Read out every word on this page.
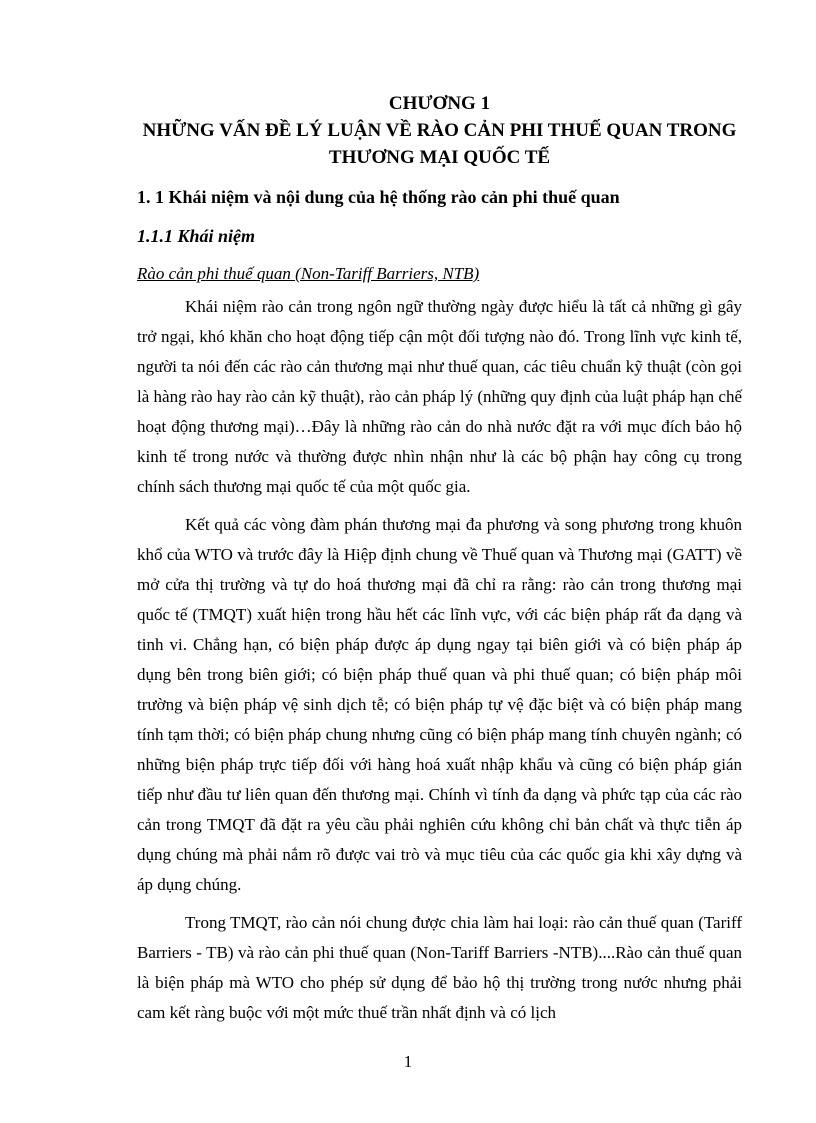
CHƯƠNG 1
NHỮNG VẤN ĐỀ LÝ LUẬN VỀ RÀO CẢN PHI THUẾ QUAN TRONG
THƯƠNG MẠI QUỐC TẾ
1. 1 Khái niệm và nội dung của hệ thống rào cản phi thuế quan
1.1.1 Khái niệm
Rào cản phi thuế quan (Non-Tariff Barriers, NTB)

Khái niệm rào cản trong ngôn ngữ thường ngày được hiểu là tất cả những gì gây trở ngại, khó khăn cho hoạt động tiếp cận một đối tượng nào đó. Trong lĩnh vực kinh tế, người ta nói đến các rào cản thương mại như thuế quan, các tiêu chuẩn kỹ thuật (còn gọi là hàng rào hay rào cản kỹ thuật), rào cản pháp lý (những quy định của luật pháp hạn chế hoạt động thương mại)…Đây là những rào cản do nhà nước đặt ra với mục đích bảo hộ kinh tế trong nước và thường được nhìn nhận như là các bộ phận hay công cụ trong chính sách thương mại quốc tế của một quốc gia.

Kết quả các vòng đàm phán thương mại đa phương và song phương trong khuôn khổ của WTO và trước đây là Hiệp định chung về Thuế quan và Thương mại (GATT) về mở cửa thị trường và tự do hoá thương mại đã chỉ ra rằng: rào cản trong thương mại quốc tế (TMQT) xuất hiện trong hầu hết các lĩnh vực, với các biện pháp rất đa dạng và tinh vi. Chẳng hạn, có biện pháp được áp dụng ngay tại biên giới và có biện pháp áp dụng bên trong biên giới; có biện pháp thuế quan và phi thuế quan; có biện pháp môi trường và biện pháp vệ sinh dịch tễ; có biện pháp tự vệ đặc biệt và có biện pháp mang tính tạm thời; có biện pháp chung nhưng cũng có biện pháp mang tính chuyên ngành; có những biện pháp trực tiếp đối với hàng hoá xuất nhập khẩu và cũng có biện pháp gián tiếp như đầu tư liên quan đến thương mại. Chính vì tính đa dạng và phức tạp của các rào cản trong TMQT đã đặt ra yêu cầu phải nghiên cứu không chỉ bản chất và thực tiễn áp dụng chúng mà phải nắm rõ được vai trò và mục tiêu của các quốc gia khi xây dựng và áp dụng chúng.

Trong TMQT, rào cản nói chung được chia làm hai loại: rào cản thuế quan (Tariff Barriers - TB) và rào cản phi thuế quan (Non-Tariff Barriers -NTB)....Rào cản thuế quan là biện pháp mà WTO cho phép sử dụng để bảo hộ thị trường trong nước nhưng phải cam kết ràng buộc với một mức thuế trần nhất định và có lịch

1
